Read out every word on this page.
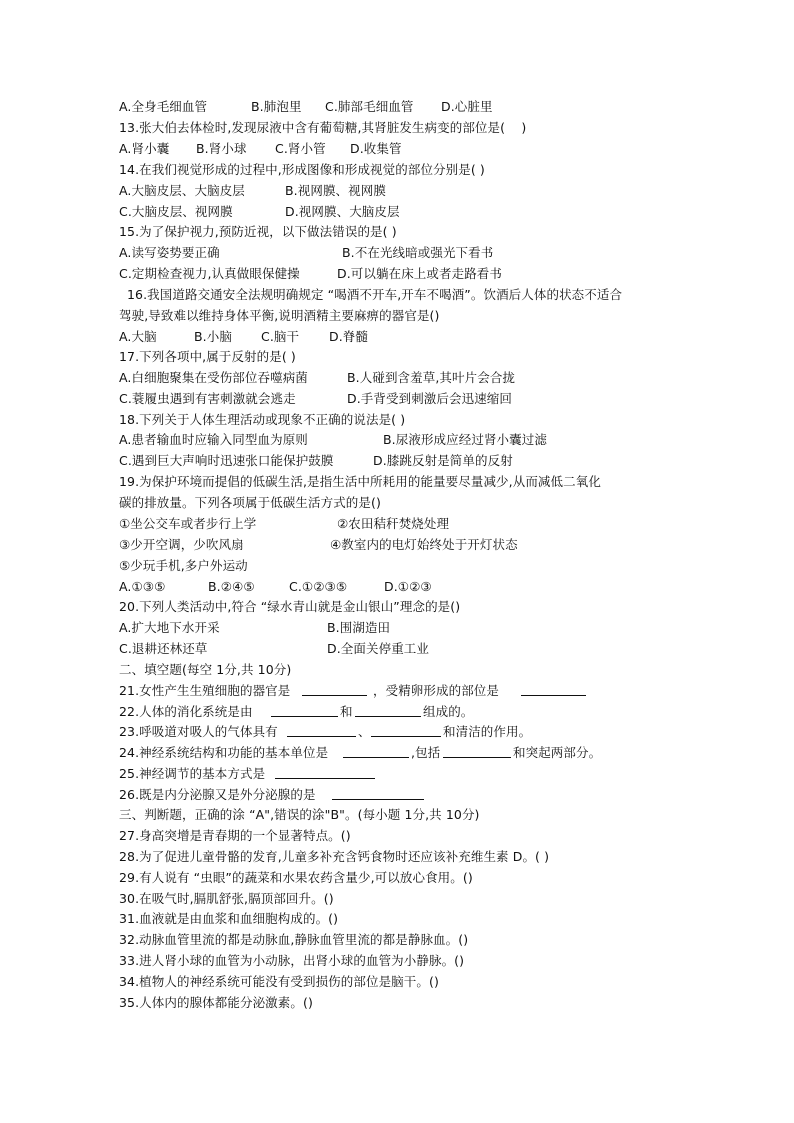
A.全身毛细血管

	B.肺泡里

C.肺部毛细血管

D.心脏里

13.张大伯去体检时,发现尿液中含有葡萄糖,其肾脏发生病变的部位是(    )

A.肾小囊

B.肾小球

C.肾小管

D.收集管

14.在我们视觉形成的过程中,形成图像和形成视觉的部位分别是( )

A.大脑皮层、大脑皮层

	B.视网膜、视网膜

C.大脑皮层、视网膜

	D.视网膜、大脑皮层

15.为了保护视力,预防近视，以下做法错误的是( )

A.读写姿势要正确

	B.不在光线暗或强光下看书

C.定期检查视力,认真做眼保健操

	D.可以躺在床上或者走路看书

16.我国道路交通安全法规明确规定 “喝酒不开车,开车不喝酒”。饮酒后人体的状态不适合
驾驶,导致难以维持身体平衡,说明酒精主要麻痹的器官是()

A.大脑

	B.小脑

C.脑干

D.脊髓

17.下列各项中,属于反射的是( )

A.白细胞聚集在受伤部位吞噬病菌

	B.人碰到含羞草,其叶片会合拢

C.蓑履虫遇到有害刺激就会逃走

	D.手背受到刺激后会迅速缩回

18.下列关于人体生理活动或现象不正确的说法是( )

A.患者输血时应输入同型血为原则

	B.尿液形成应经过肾小囊过滤

C.遇到巨大声响时迅速张口能保护鼓膜

	D.膝跳反射是简单的反射

19.为保护环境而提倡的低碳生活,是指生活中所耗用的能量要尽量减少,从而减低二氧化
碳的排放量。下列各项属于低碳生活方式的是()

①坐公交车或者步行上学

	②农田秸秆焚烧处理

③少开空调，少吹风扇

	④教室内的电灯始终处于开灯状态

⑤少玩手机,多户外运动

A.①③⑤

	B.②④⑤

	C.①②③⑤

	D.①②③

20.下列人类活动中,符合 “绿水青山就是金山银山”理念的是()

A.扩大地下水开采

	B.围湖造田

C.退耕还林还草

	D.全面关停重工业

二、填空题(每空 1分,共 10分)

21.女性产生生殖细胞的器官是

	，受精卵形成的部位是

22.人体的消化系统是由

	和

	组成的。

23.呼吸道对吸人的气体具有

	、

	和清洁的作用。

24.神经系统结构和功能的基本单位是

	,包括

	和突起两部分。

25.神经调节的基本方式是

26.既是内分泌腺又是外分泌腺的是

三、判断题，正确的涂 “A",错误的涂"B"。(每小题 1分,共 10分)
27.身高突增是青春期的一个显著特点。()
28.为了促进儿童骨骼的发育,儿童多补充含钙食物时还应该补充维生素 D。( )
29.有人说有 “虫眼”的蔬菜和水果农药含量少,可以放心食用。()
30.在吸气时,膈肌舒张,膈顶部回升。()
31.血液就是由血浆和血细胞构成的。()
32.动脉血管里流的都是动脉血,静脉血管里流的都是静脉血。()
33.进人肾小球的血管为小动脉，出肾小球的血管为小静脉。()
34.植物人的神经系统可能没有受到损伤的部位是脑干。()
35.人体内的腺体都能分泌激素。()
